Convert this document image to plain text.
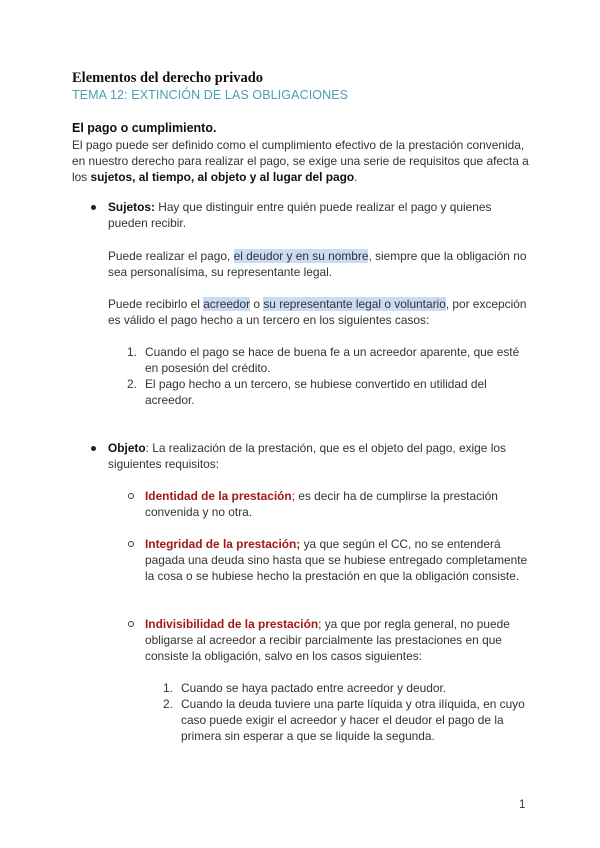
Elementos del derecho privado
TEMA 12: EXTINCIÓN DE LAS OBLIGACIONES
El pago o cumplimiento.
El pago puede ser definido como el cumplimiento efectivo de la prestación convenida, en nuestro derecho para realizar el pago, se exige una serie de requisitos que afecta a los sujetos, al tiempo, al objeto y al lugar del pago.
Sujetos: Hay que distinguir entre quién puede realizar el pago y quienes pueden recibir.
Puede realizar el pago, el deudor y en su nombre, siempre que la obligación no sea personalísima, su representante legal.
Puede recibirlo el acreedor o su representante legal o voluntario, por excepción es válido el pago hecho a un tercero en los siguientes casos:
1. Cuando el pago se hace de buena fe a un acreedor aparente, que esté en posesión del crédito.
2. El pago hecho a un tercero, se hubiese convertido en utilidad del acreedor.
Objeto: La realización de la prestación, que es el objeto del pago, exige los siguientes requisitos:
Identidad de la prestación; es decir ha de cumplirse la prestación convenida y no otra.
Integridad de la prestación; ya que según el CC, no se entenderá pagada una deuda sino hasta que se hubiese entregado completamente la cosa o se hubiese hecho la prestación en que la obligación consiste.
Indivisibilidad de la prestación; ya que por regla general, no puede obligarse al acreedor a recibir parcialmente las prestaciones en que consiste la obligación, salvo en los casos siguientes:
1. Cuando se haya pactado entre acreedor y deudor.
2. Cuando la deuda tuviere una parte líquida y otra ilíquida, en cuyo caso puede exigir el acreedor y hacer el deudor el pago de la primera sin esperar a que se liquide la segunda.
1
